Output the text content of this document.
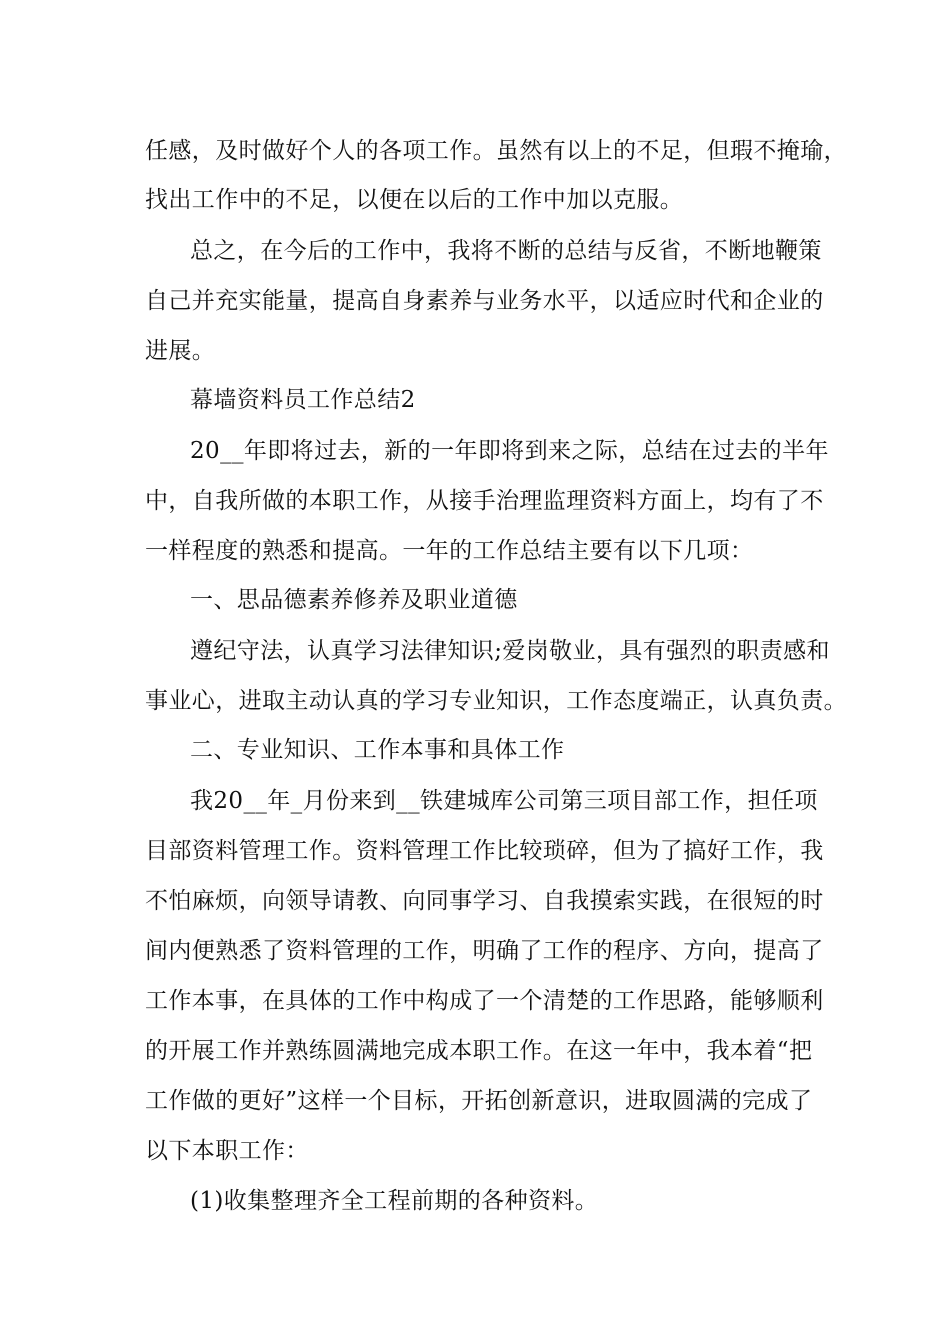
任感，及时做好个人的各项工作。虽然有以上的不足，但瑕不掩瑜，
找出工作中的不足，以便在以后的工作中加以克服。
总之，在今后的工作中，我将不断的总结与反省，不断地鞭策
自己并充实能量，提高自身素养与业务水平，以适应时代和企业的
进展。
幕墙资料员工作总结2
20__年即将过去，新的一年即将到来之际，总结在过去的半年
中，自我所做的本职工作，从接手治理监理资料方面上，均有了不
一样程度的熟悉和提高。一年的工作总结主要有以下几项：
一、思品德素养修养及职业道德
遵纪守法，认真学习法律知识;爱岗敬业，具有强烈的职责感和
事业心，进取主动认真的学习专业知识，工作态度端正，认真负责。
二、专业知识、工作本事和具体工作
我20__年_月份来到__铁建城库公司第三项目部工作，担任项
目部资料管理工作。资料管理工作比较琐碎，但为了搞好工作，我
不怕麻烦，向领导请教、向同事学习、自我摸索实践，在很短的时
间内便熟悉了资料管理的工作，明确了工作的程序、方向，提高了
工作本事，在具体的工作中构成了一个清楚的工作思路，能够顺利
的开展工作并熟练圆满地完成本职工作。在这一年中，我本着“把
工作做的更好”这样一个目标，开拓创新意识，进取圆满的完成了
以下本职工作：
(1)收集整理齐全工程前期的各种资料。
